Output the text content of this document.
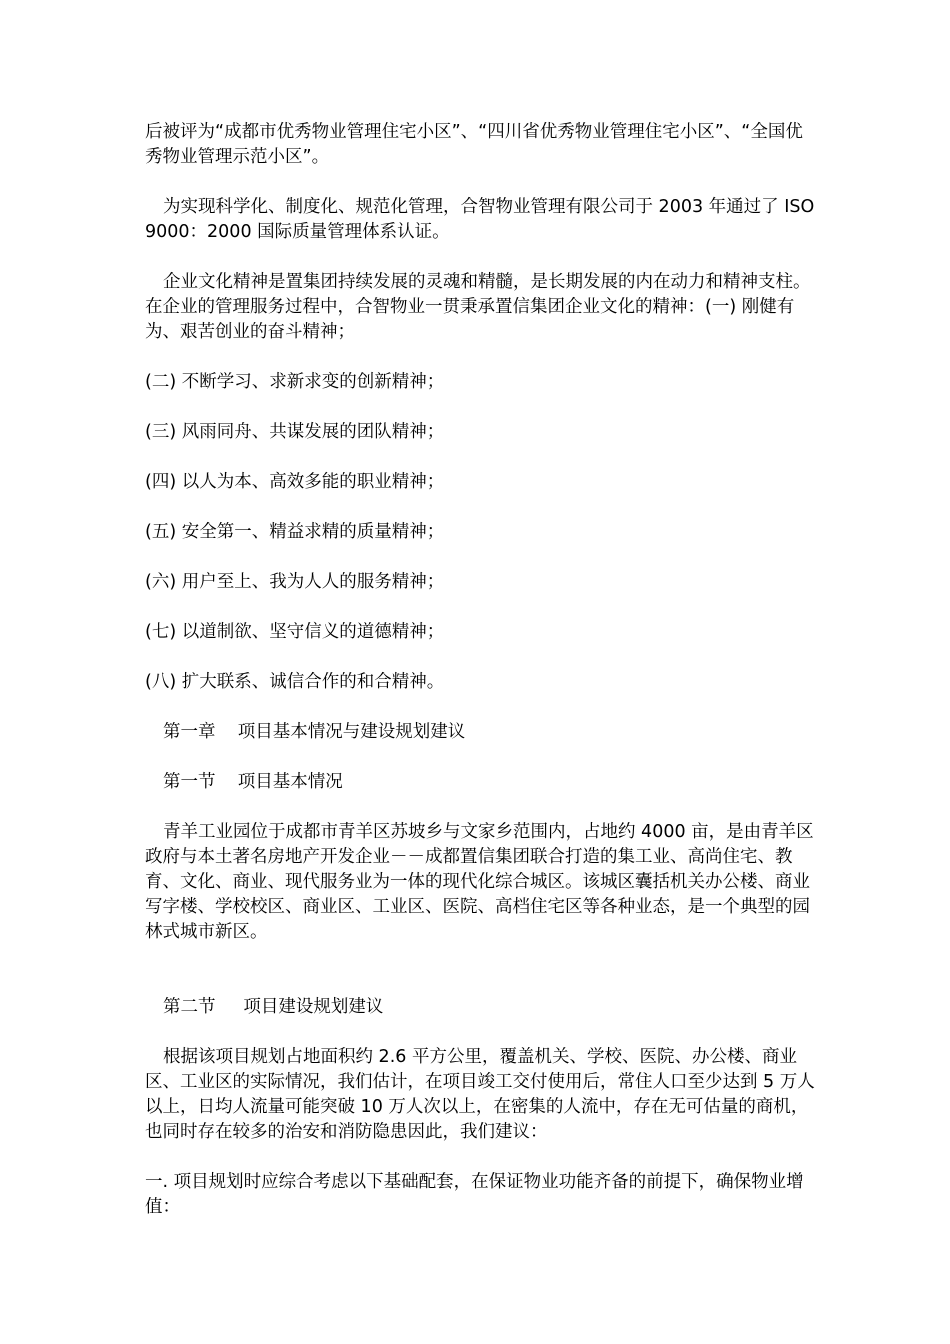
后被评为“成都市优秀物业管理住宅小区”、“四川省优秀物业管理住宅小区”、“全国优秀物业管理示范小区”。

为实现科学化、制度化、规范化管理，合智物业管理有限公司于 2003 年通过了 ISO9000：2000 国际质量管理体系认证。

企业文化精神是置集团持续发展的灵魂和精髓，是长期发展的内在动力和精神支柱。在企业的管理服务过程中，合智物业一贯秉承置信集团企业文化的精神：(一) 刚健有为、艰苦创业的奋斗精神；

(二) 不断学习、求新求变的创新精神；

(三) 风雨同舟、共谋发展的团队精神；

(四) 以人为本、高效多能的职业精神；

(五) 安全第一、精益求精的质量精神；

(六) 用户至上、我为人人的服务精神；

(七) 以道制欲、坚守信义的道德精神；

(八) 扩大联系、诚信合作的和合精神。

第一章    项目基本情况与建设规划建议

第一节    项目基本情况

青羊工业园位于成都市青羊区苏坡乡与文家乡范围内，占地约 4000 亩，是由青羊区政府与本土著名房地产开发企业－－成都置信集团联合打造的集工业、高尚住宅、教育、文化、商业、现代服务业为一体的现代化综合城区。该城区囊括机关办公楼、商业写字楼、学校校区、商业区、工业区、医院、高档住宅区等各种业态，是一个典型的园林式城市新区。

第二节     项目建设规划建议

根据该项目规划占地面积约 2.6 平方公里，覆盖机关、学校、医院、办公楼、商业区、工业区的实际情况，我们估计，在项目竣工交付使用后，常住人口至少达到 5 万人以上，日均人流量可能突破 10 万人次以上，在密集的人流中，存在无可估量的商机，也同时存在较多的治安和消防隐患因此，我们建议：

一. 项目规划时应综合考虑以下基础配套，在保证物业功能齐备的前提下，确保物业增值：
